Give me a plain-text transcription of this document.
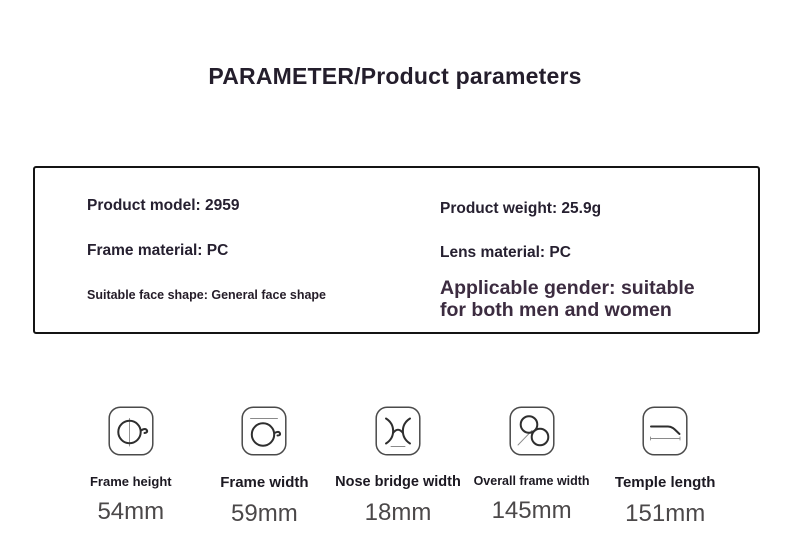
PARAMETER/Product parameters
Product model: 2959
Frame material: PC
Suitable face shape: General face shape
Product weight: 25.9g
Lens material: PC
Applicable gender: suitable for both men and women
Frame height
54mm
Frame width
59mm
Nose bridge width
18mm
Overall frame width
145mm
Temple length
151mm
